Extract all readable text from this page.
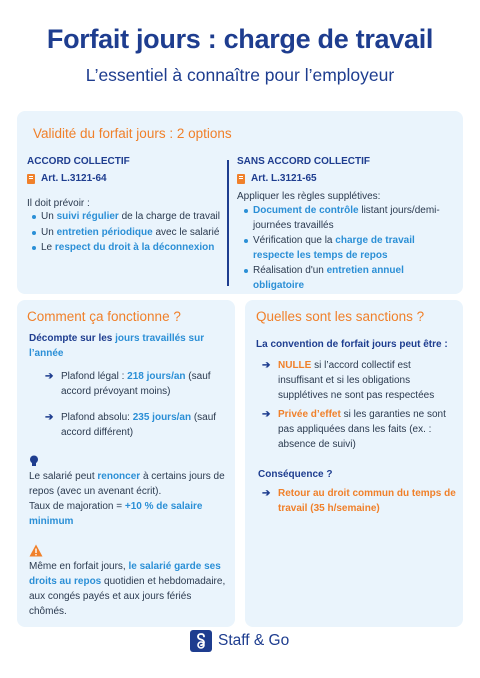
Forfait jours : charge de travail
L’essentiel à connaître pour l’employeur
Validité du forfait jours : 2 options
ACCORD COLLECTIF
Art. L.3121-64
Il doit prévoir :
Un suivi régulier de la charge de travail
Un entretien périodique avec le salarié
Le respect du droit à la déconnexion
SANS ACCORD COLLECTIF
Art. L.3121-65
Appliquer les règles supplétives:
Document de contrôle listant jours/demi-journées travaillés
Vérification que la charge de travail respecte les temps de repos
Réalisation d'un entretien annuel obligatoire
Comment ça fonctionne ?
Décompte sur les jours travaillés sur l’année
➔ Plafond légal : 218 jours/an (sauf accord prévoyant moins)
➔ Plafond absolu: 235 jours/an (sauf accord différent)
Le salarié peut renoncer à certains jours de repos (avec un avenant écrit).
Taux de majoration = +10 % de salaire minimum
Même en forfait jours, le salarié garde ses droits au repos quotidien et hebdomadaire, aux congés payés et aux jours fériés chômés.
Quelles sont les sanctions ?
La convention de forfait jours peut être :
➔ NULLE si l’accord collectif est insuffisant et si les obligations supplétives ne sont pas respectées
➔ Privée d’effet si les garanties ne sont pas appliquées dans les faits (ex. : absence de suivi)
Conséquence ?
➔ Retour au droit commun du temps de travail (35 h/semaine)
Staff & Go
